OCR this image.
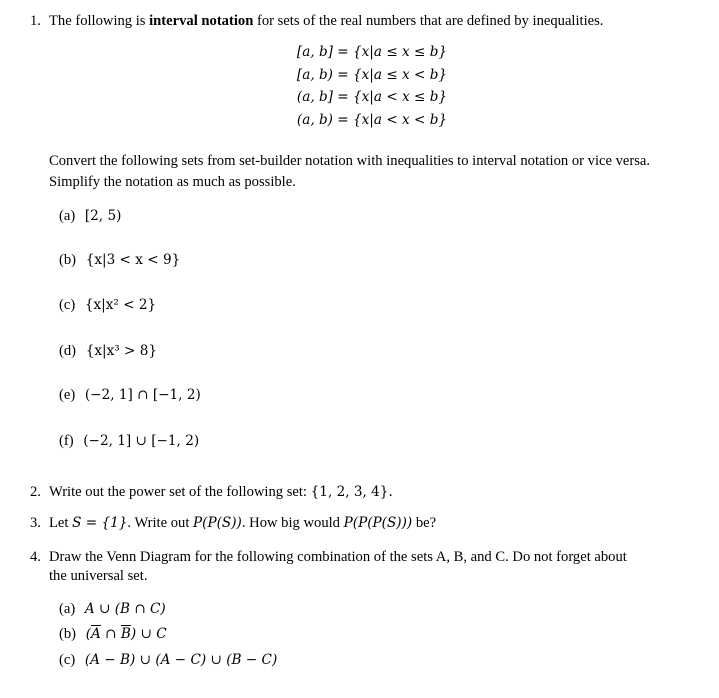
1. The following is interval notation for sets of the real numbers that are defined by inequalities.
[a, b] = {x|a ≤ x ≤ b}
[a, b) = {x|a ≤ x < b}
(a, b] = {x|a < x ≤ b}
(a, b) = {x|a < x < b}
Convert the following sets from set-builder notation with inequalities to interval notation or vice versa.
Simplify the notation as much as possible.
(a) [2, 5)
(b) {x|3 < x < 9}
(c) {x|x² < 2}
(d) {x|x³ > 8}
(e) (−2, 1] ∩ [−1, 2)
(f) (−2, 1] ∪ [−1, 2)
2. Write out the power set of the following set: {1, 2, 3, 4}.
3. Let S = {1}. Write out P(P(S)). How big would P(P(P(S))) be?
4. Draw the Venn Diagram for the following combination of the sets A, B, and C. Do not forget about
the universal set.
(a) A ∪ (B ∩ C)
(b) ($\overline{A}$ ∩ $\overline{B}$) ∪ C
(c) (A − B) ∪ (A − C) ∪ (B − C)
